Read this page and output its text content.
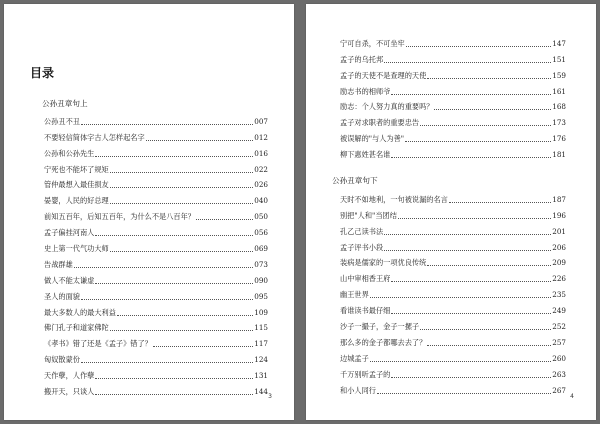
目录
公孙丑章句上
公孙丑不丑	007
不要轻信简体字古人怎样起名字	012
公孙和公孙先生	016
宁死也不能坏了规矩	022
管仲最想入最佳损友	026
晏婴，人民的好总理	040
前知五百年，后知五百年，为什么不是八百年？	050
孟子偏挂河南人	056
史上第一代气功大师	069
告战群雄	073
做人不能太谦虚	090
圣人的面貌	095
最大多数人的最大利益	109
佛门孔子和道家佛陀	115
《孝书》错了还是《孟子》错了？	117
匈奴散蒙份	124
天作孽，人作孽	131
搬开天，只谈人	144
3
宁可自杀，不可坐牢	147
孟子的乌托邦	151
孟子的天使不是查理的天使	159
励志书的相师爷	161
励志：个人努力真的重要吗？	168
孟子对求职者的重要忠告	173
被误解的"与人为善"	176
柳下惠姓甚名谁	181
公孙丑章句下
天时不如地利，一句被说漏的名言	187
别把"人和"当团结	196
孔乙己读书法	201
孟子评书小段	206
装病是儒家的一项优良传统	209
山中审相香王府	226
幽王世界	235
看谁读书最仔细	249
沙子一撮子，金子一摞子	252
那么多的金子都哪去去了？	257
边城孟子	260
千万别听孟子的	263
和小人同行	267
4
